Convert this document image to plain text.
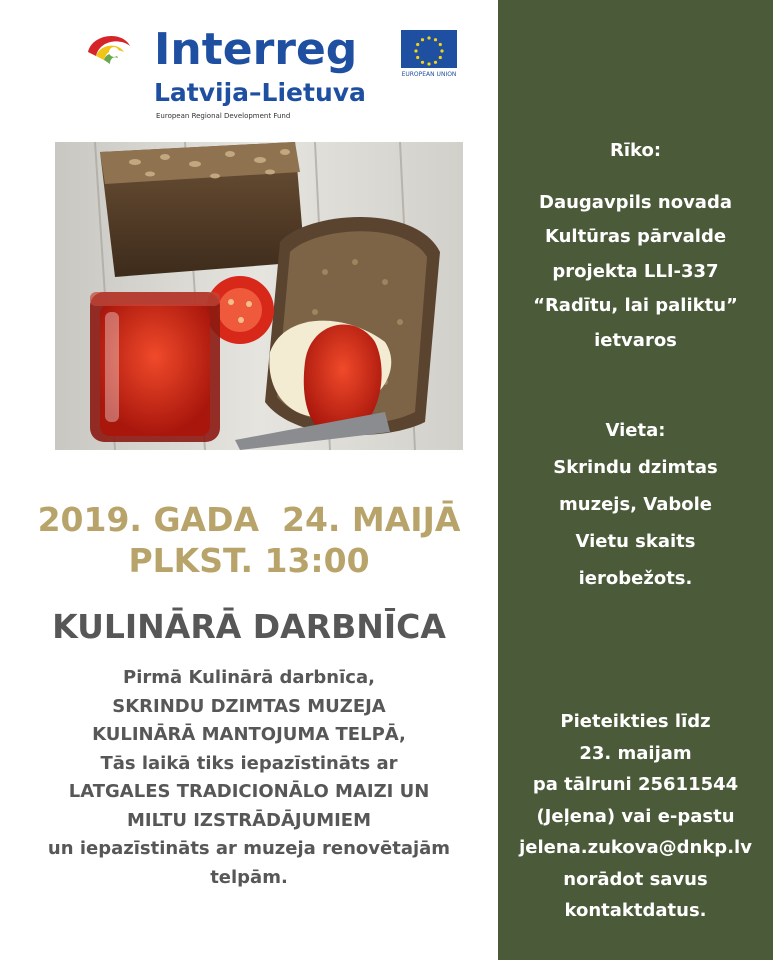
Interreg
Latvija–Lietuva
European Regional Development Fund
EUROPEAN UNION
2019. GADA  24. MAIJĀ
PLKST. 13:00
KULINĀRĀ DARBNĪCA
Pirmā Kulinārā darbnīca,
SKRINDU DZIMTAS MUZEJA
KULINĀRĀ MANTOJUMA TELPĀ,
Tās laikā tiks iepazīstināts ar
LATGALES TRADICIONĀLO MAIZI UN
MILTU IZSTRĀDĀJUMIEM
un iepazīstināts ar muzeja renovētajām
telpām.
Rīko:
Daugavpils novada
Kultūras pārvalde
projekta LLI-337
“Radītu, lai paliktu”
ietvaros
Vieta:
Skrindu dzimtas
muzejs, Vabole
Vietu skaits
ierobežots.
Pieteikties līdz
23. maijam
pa tālruni 25611544
(Jeļena) vai e-pastu
jelena.zukova@dnkp.lv
norādot savus
kontaktdatus.
